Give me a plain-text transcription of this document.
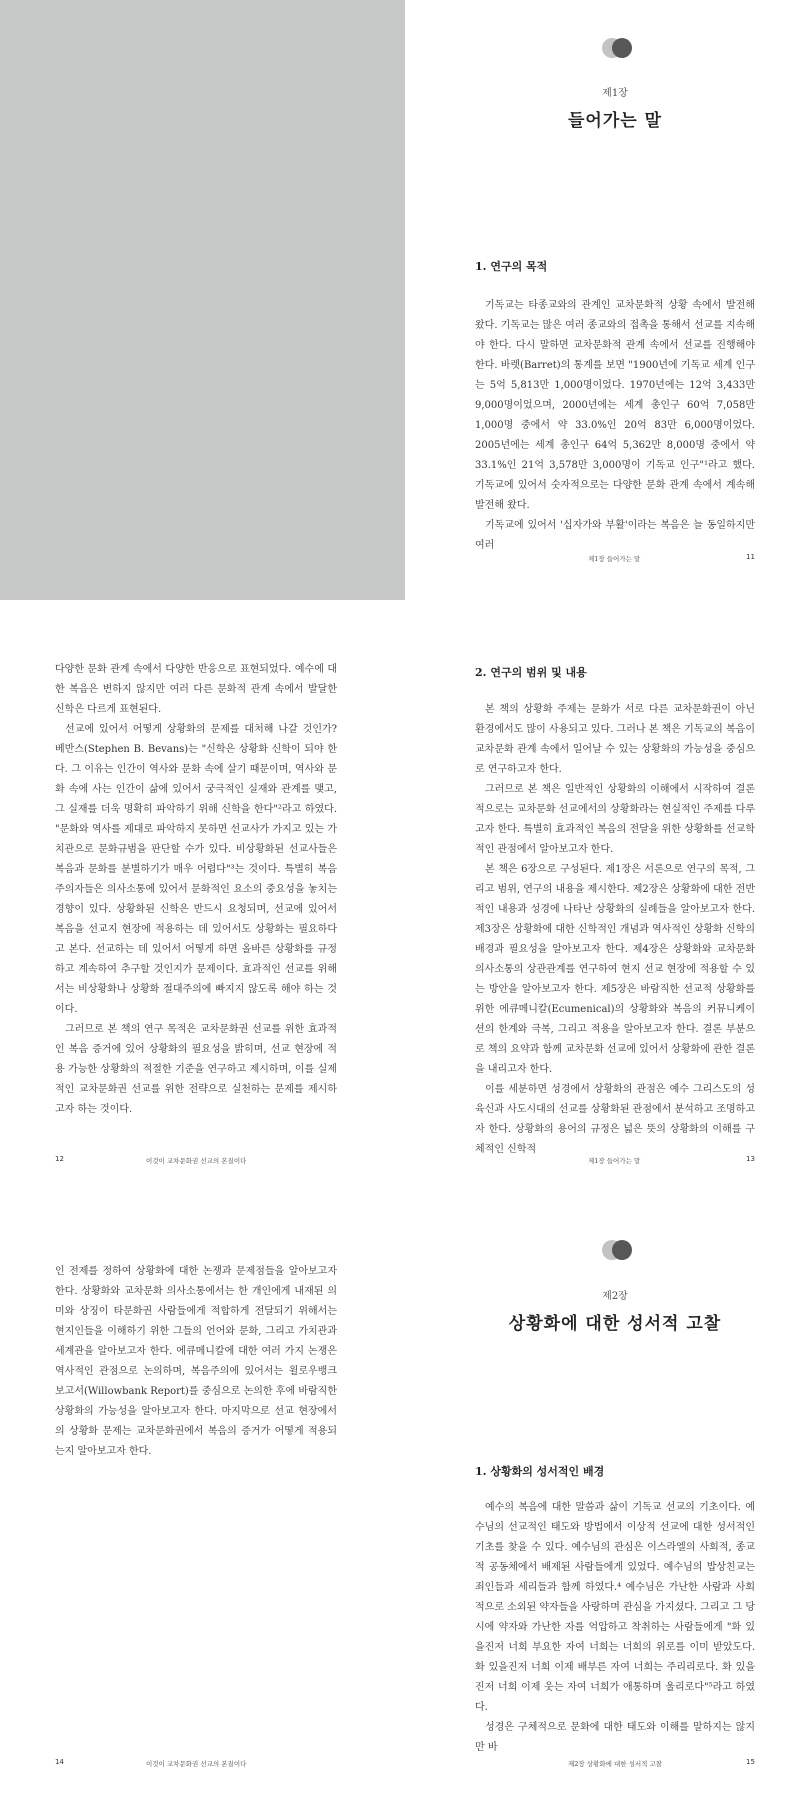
제1장
들어가는 말
1. 연구의 목적
기독교는 타종교와의 관계인 교차문화적 상황 속에서 발전해 왔다. 기독교는 많은 여러 종교와의 접촉을 통해서 선교를 지속해야 한다. 다시 말하면 교차문화적 관계 속에서 선교를 진행해야 한다. 바렛(Barret)의 통계를 보면 "1900년에 기독교 세계 인구는 5억 5,813만 1,000명이었다. 1970년에는 12억 3,433만 9,000명이었으며, 2000년에는 세계 총인구 60억 7,058만 1,000명 중에서 약 33.0%인 20억 83만 6,000명이었다. 2005년에는 세계 총인구 64억 5,362만 8,000명 중에서 약 33.1%인 21억 3,578만 3,000명이 기독교 인구"¹라고 했다. 기독교에 있어서 숫자적으로는 다양한 문화 관계 속에서 계속해 발전해 왔다.
기독교에 있어서 '십자가와 부활'이라는 복음은 늘 동일하지만 여러
제1장 들어가는 말	11
다양한 문화 관계 속에서 다양한 반응으로 표현되었다. 예수에 대한 복음은 변하지 않지만 여러 다른 문화적 관계 속에서 발달한 신학은 다르게 표현된다.
선교에 있어서 어떻게 상황화의 문제를 대처해 나갈 것인가? 베반스(Stephen B. Bevans)는 "신학은 상황화 신학이 되야 한다. 그 이유는 인간이 역사와 문화 속에 살기 때문이며, 역사와 문화 속에 사는 인간이 삶에 있어서 궁극적인 실재와 관계를 맺고, 그 실재를 더욱 명확히 파악하기 위해 신학을 한다"²라고 하였다. "문화와 역사를 제대로 파악하지 못하면 선교사가 가지고 있는 가치관으로 문화규범을 판단할 수가 있다. 비상황화된 선교사들은 복음과 문화를 분별하기가 매우 어렵다"³는 것이다. 특별히 복음주의자들은 의사소통에 있어서 문화적인 요소의 중요성을 놓치는 경향이 있다. 상황화된 신학은 반드시 요청되며, 선교에 있어서 복음을 선교지 현장에 적용하는 데 있어서도 상황화는 필요하다고 본다. 선교하는 데 있어서 어떻게 하면 올바른 상황화를 규정하고 계속하여 추구할 것인지가 문제이다. 효과적인 선교를 위해서는 비상황화나 상황화 절대주의에 빠지지 않도록 해야 하는 것이다.
그러므로 본 책의 연구 목적은 교차문화권 선교를 위한 효과적인 복음 증거에 있어 상황화의 필요성을 밝히며, 선교 현장에 적용 가능한 상황화의 적절한 기준을 연구하고 제시하며, 이를 실제적인 교차문화권 선교를 위한 전략으로 실천하는 문제를 제시하고자 하는 것이다.
12	이것이 교차문화권 선교의 본질이다
2. 연구의 범위 및 내용
본 책의 상황화 주제는 문화가 서로 다른 교차문화권이 아닌 환경에서도 많이 사용되고 있다. 그러나 본 책은 기독교의 복음이 교차문화 관계 속에서 일어날 수 있는 상황화의 가능성을 중심으로 연구하고자 한다.
그러므로 본 책은 일반적인 상황화의 이해에서 시작하여 결론적으로는 교차문화 선교에서의 상황화라는 현실적인 주제를 다루고자 한다. 특별히 효과적인 복음의 전달을 위한 상황화를 선교학적인 관점에서 알아보고자 한다.
본 책은 6장으로 구성된다. 제1장은 서론으로 연구의 목적, 그리고 범위, 연구의 내용을 제시한다. 제2장은 상황화에 대한 전반적인 내용과 성경에 나타난 상황화의 실례들을 알아보고자 한다. 제3장은 상황화에 대한 신학적인 개념과 역사적인 상황화 신학의 배경과 필요성을 알아보고자 한다. 제4장은 상황화와 교차문화 의사소통의 상관관계를 연구하여 현지 선교 현장에 적용할 수 있는 방안을 알아보고자 한다. 제5장은 바람직한 선교적 상황화를 위한 에큐메니칼(Ecumenical)의 상황화와 복음의 커뮤니케이션의 한계와 극복, 그리고 적용을 알아보고자 한다. 결론 부분으로 책의 요약과 함께 교차문화 선교에 있어서 상황화에 관한 결론을 내리고자 한다.
이를 세분하면 성경에서 상황화의 관점은 예수 그리스도의 성육신과 사도시대의 선교를 상황화된 관점에서 분석하고 조명하고자 한다. 상황화의 용어의 규정은 넓은 뜻의 상황화의 이해를 구체적인 신학적
제1장 들어가는 말	13
인 전제를 정하여 상황화에 대한 논쟁과 문제점들을 알아보고자 한다. 상황화와 교차문화 의사소통에서는 한 개인에게 내재된 의미와 상징이 타문화권 사람들에게 적합하게 전달되기 위해서는 현지인들을 이해하기 위한 그들의 언어와 문화, 그리고 가치관과 세계관을 알아보고자 한다. 에큐메니칼에 대한 여러 가지 논쟁은 역사적인 관점으로 논의하며, 복음주의에 있어서는 윌로우뱅크 보고서(Willowbank Report)를 중심으로 논의한 후에 바람직한 상황화의 가능성을 알아보고자 한다. 마지막으로 선교 현장에서의 상황화 문제는 교차문화권에서 복음의 증거가 어떻게 적용되는지 알아보고자 한다.
14	이것이 교차문화권 선교의 본질이다
제2장
상황화에 대한 성서적 고찰
1. 상황화의 성서적인 배경
예수의 복음에 대한 말씀과 삶이 기독교 선교의 기초이다. 예수님의 선교적인 태도와 방법에서 이상적 선교에 대한 성서적인 기초를 찾을 수 있다. 예수님의 관심은 이스라엘의 사회적, 종교적 공동체에서 배제된 사람들에게 있었다. 예수님의 밥상친교는 죄인들과 세리들과 함께 하였다.⁴ 예수님은 가난한 사람과 사회적으로 소외된 약자들을 사랑하며 관심을 가지셨다. 그리고 그 당시에 약자와 가난한 자를 억압하고 착취하는 사람들에게 "화 있을진저 너희 부요한 자여 너희는 너희의 위로를 이미 받았도다. 화 있을진저 너희 이제 배부른 자여 너희는 주리리로다. 화 있을진저 너희 이제 웃는 자여 너희가 애통하며 울리로다"⁵라고 하였다.
성경은 구체적으로 문화에 대한 태도와 이해를 말하지는 않지만 바
제2장 상황화에 대한 성서적 고찰	15
